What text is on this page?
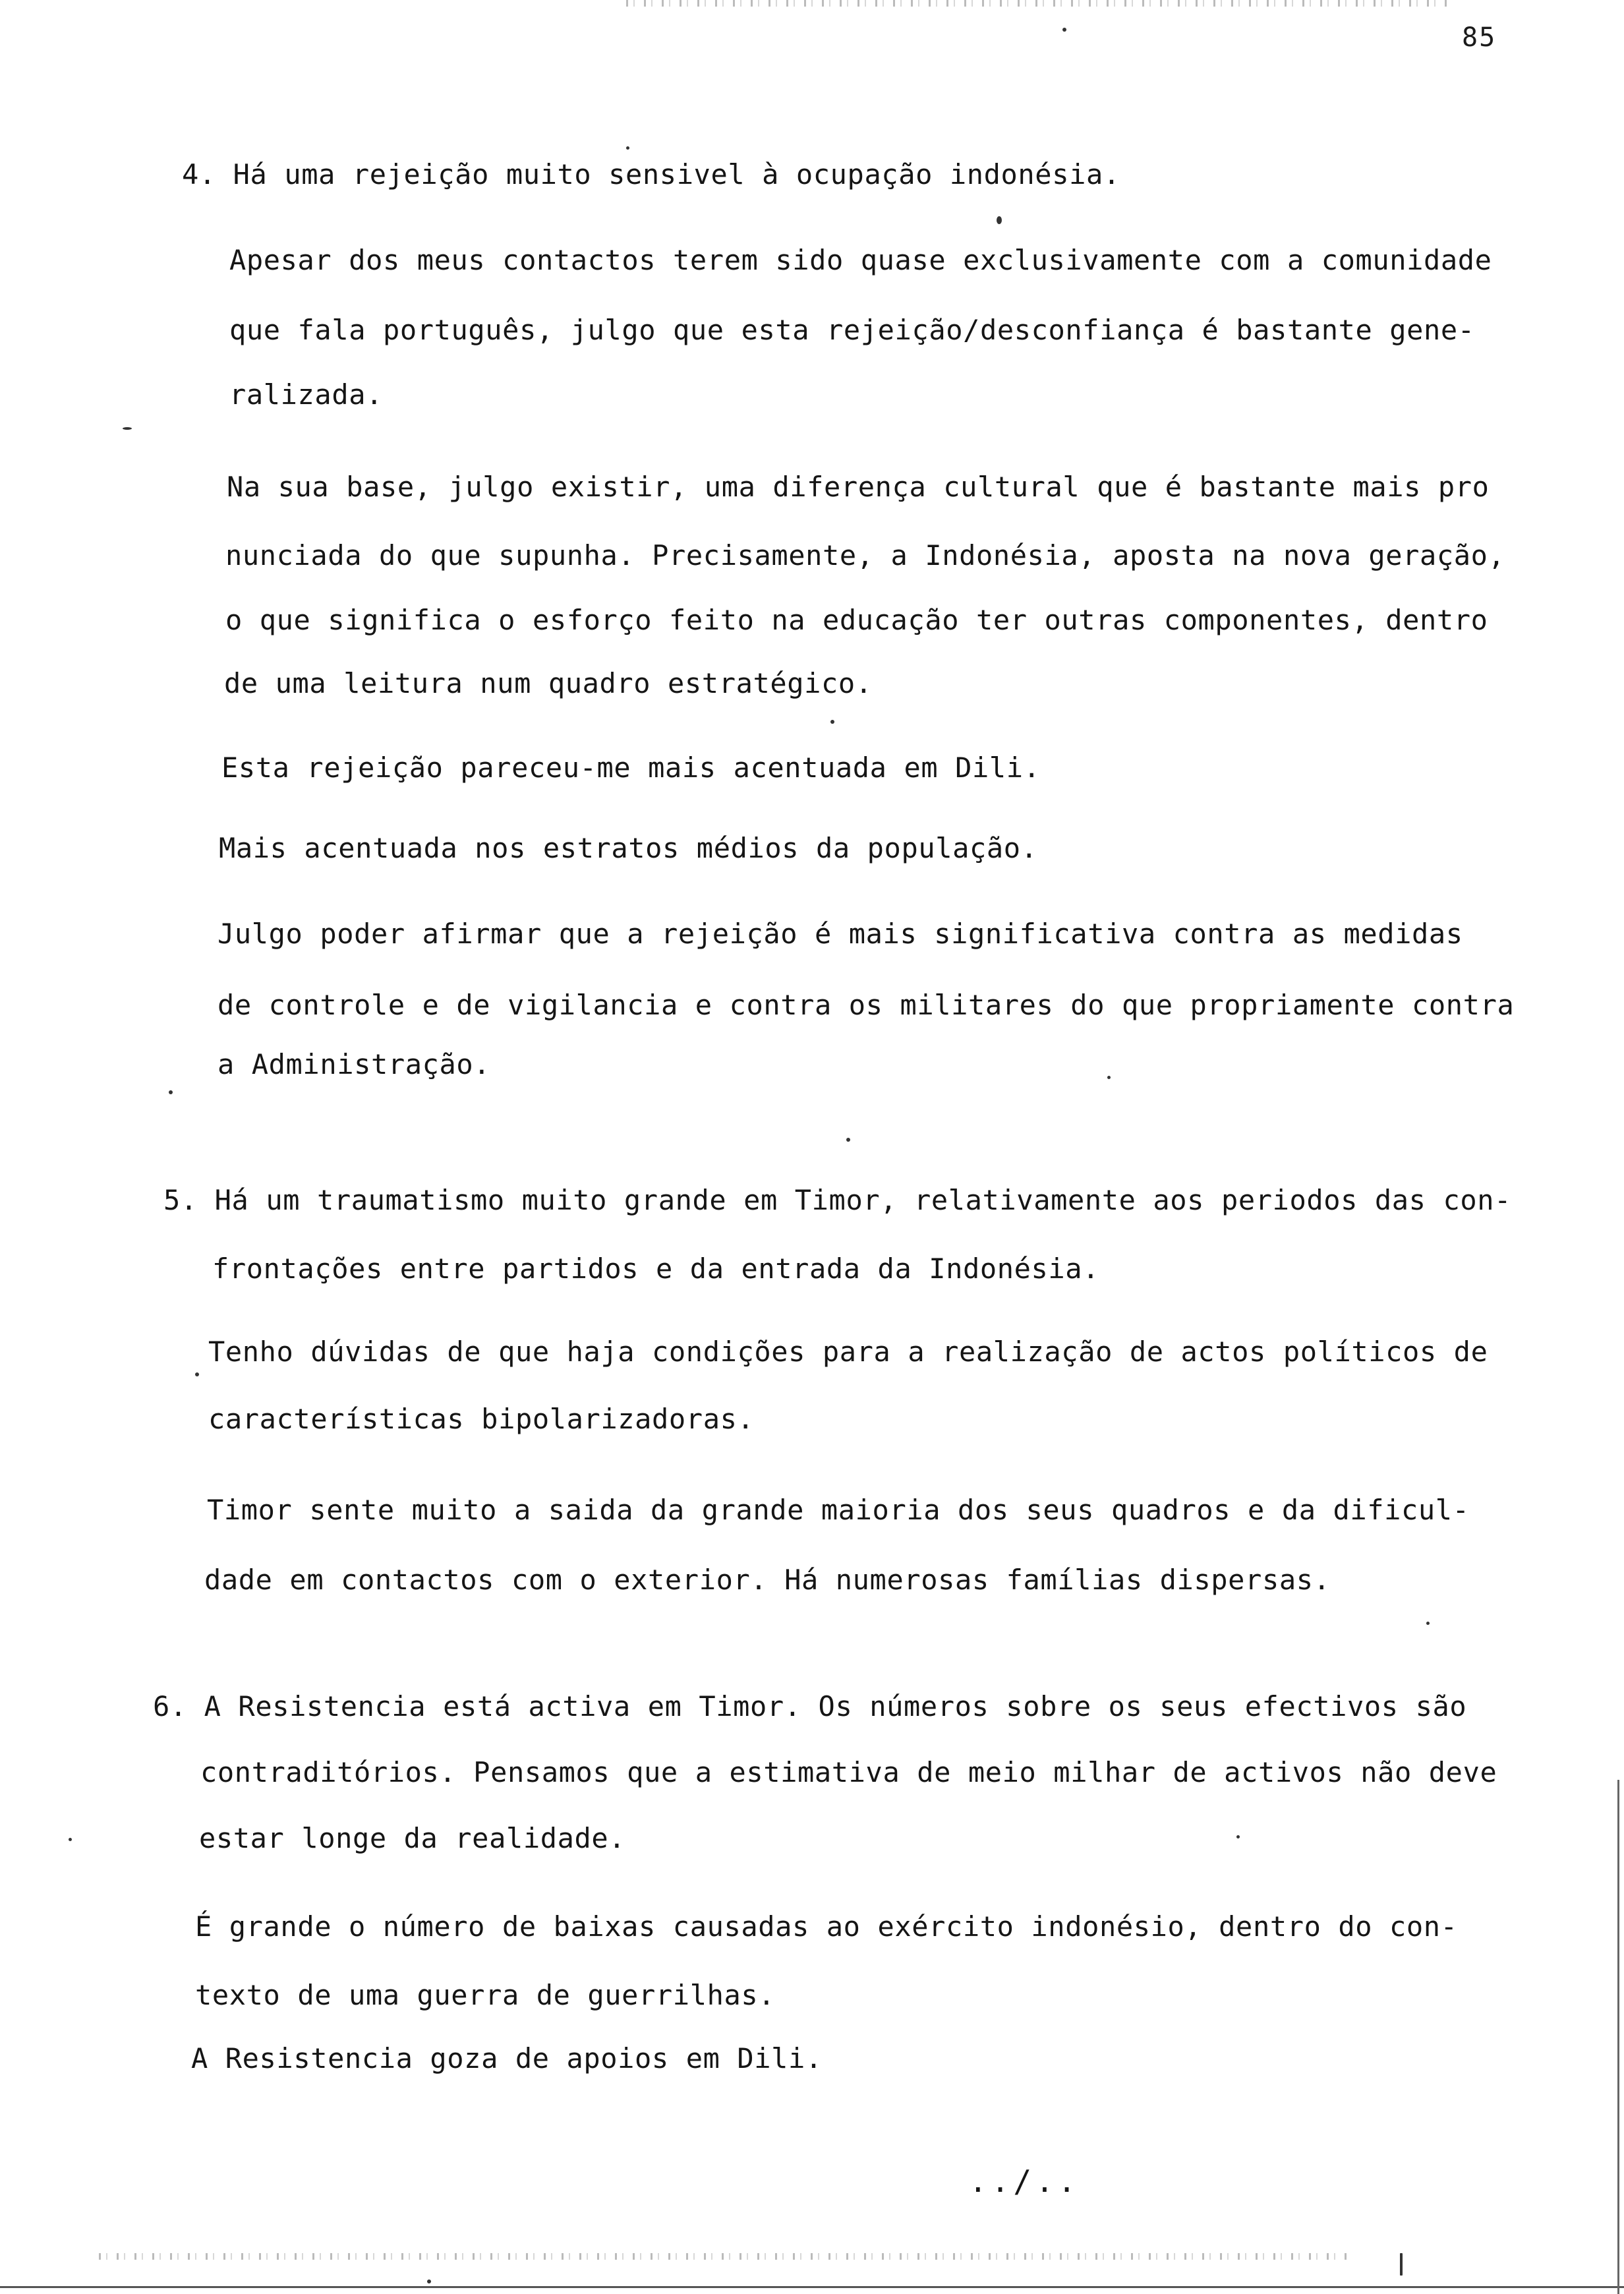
85
4. Há uma rejeição muito sensivel à ocupação indonésia.
Apesar dos meus contactos terem sido quase exclusivamente com a comunidade
que fala português, julgo que esta rejeição/desconfiança é bastante gene-
ralizada.
Na sua base, julgo existir, uma diferença cultural que é bastante mais pro
nunciada do que supunha. Precisamente, a Indonésia, aposta na nova geração,
o que significa o esforço feito na educação ter outras componentes, dentro
de uma leitura num quadro estratégico.
Esta rejeição pareceu-me mais acentuada em Dili.
Mais acentuada nos estratos médios da população.
Julgo poder afirmar que a rejeição é mais significativa contra as medidas
de controle e de vigilancia e contra os militares do que propriamente contra
a Administração.
5. Há um traumatismo muito grande em Timor, relativamente aos periodos das con-
frontações entre partidos e da entrada da Indonésia.
Tenho dúvidas de que haja condições para a realização de actos políticos de
características bipolarizadoras.
Timor sente muito a saida da grande maioria dos seus quadros e da dificul-
dade em contactos com o exterior. Há numerosas famílias dispersas.
6. A Resistencia está activa em Timor. Os números sobre os seus efectivos são
contraditórios. Pensamos que a estimativa de meio milhar de activos não deve
estar longe da realidade.
É grande o número de baixas causadas ao exército indonésio, dentro do con-
texto de uma guerra de guerrilhas.
A Resistencia goza de apoios em Dili.
../..
